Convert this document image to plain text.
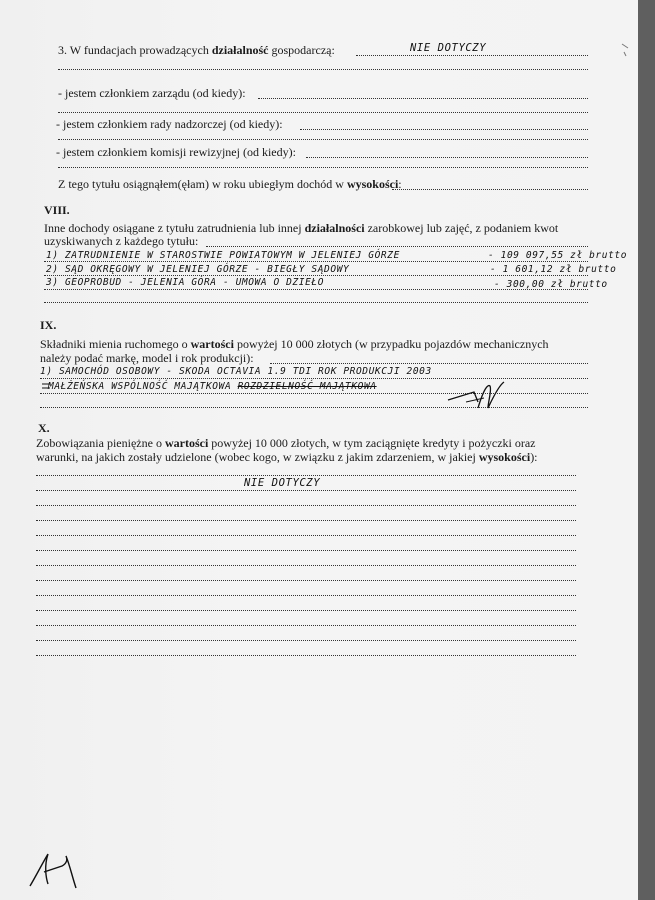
3. W fundacjach prowadzących działalność gospodarczą:	NIE DOTYCZY
- jestem członkiem zarządu (od kiedy):
- jestem członkiem rady nadzorczej (od kiedy):
- jestem członkiem komisji rewizyjnej (od kiedy):
Z tego tytułu osiągnąłem(ęłam) w roku ubiegłym dochód w wysokości:
VIII.
Inne dochody osiągane z tytułu zatrudnienia lub innej działalności zarobkowej lub zajęć, z podaniem kwot
uzyskiwanych z każdego tytułu:
1) ZATRUDNIENIE W STAROSTWIE POWIATOWYM W JELENIEJ GÓRZE	- 109 097,55 zł brutto
2) SĄD OKRĘGOWY W JELENIEJ GÓRZE - BIEGŁY SĄDOWY	- 1 601,12 zł brutto
3) GEOPROBUD - JELENIA GÓRA - UMOWA O DZIEŁO	- 300,00 zł brutto
IX.
Składniki mienia ruchomego o wartości powyżej 10 000 złotych (w przypadku pojazdów mechanicznych
należy podać markę, model i rok produkcji):
1) SAMOCHÓD OSOBOWY - SKODA OCTAVIA 1.9 TDI ROK PRODUKCJI 2003
MAŁŻEŃSKA WSPÓLNOŚĆ MAJĄTKOWA ROZDZIELNOŚĆ MAJĄTKOWA
X.
Zobowiązania pieniężne o wartości powyżej 10 000 złotych, w tym zaciągnięte kredyty i pożyczki oraz
warunki, na jakich zostały udzielone (wobec kogo, w związku z jakim zdarzeniem, w jakiej wysokości):
NIE DOTYCZY
